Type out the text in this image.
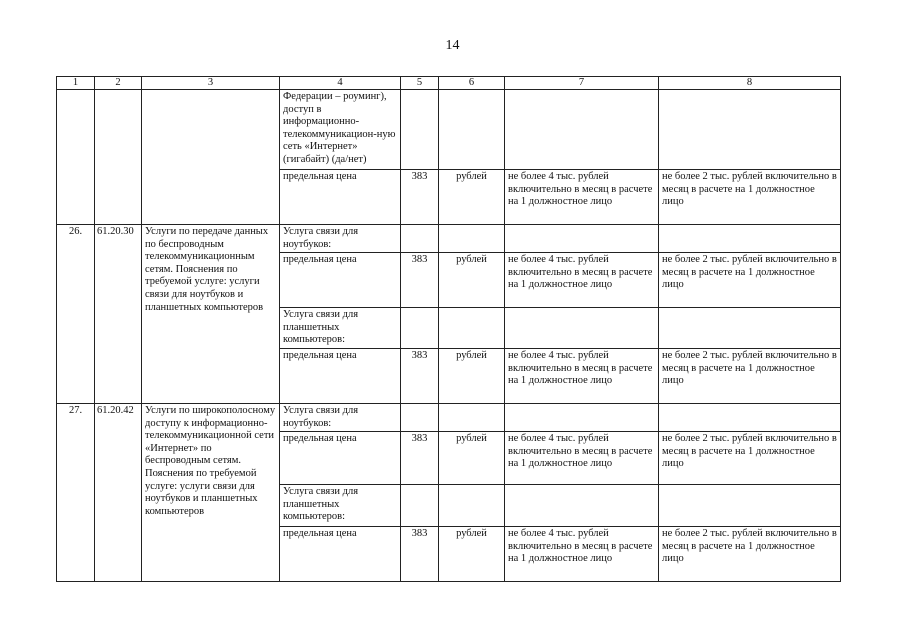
14
1	2	3	4	5	6	7	8
			Федерации – роуминг), доступ в информационно-телекоммуникацион-ную сеть «Интернет» (гигабайт) (да/нет)				
			предельная цена	383	рублей	не более 4 тыс. рублей включительно в месяц в расчете на 1 должностное лицо	не более 2 тыс. рублей включительно в месяц в расчете на 1 должностное лицо
26.	61.20.30	Услуги по передаче данных по беспроводным телекоммуникационным сетям. Пояснения по требуемой услуге: услуги связи для ноутбуков и планшетных компьютеров	Услуга связи для ноутбуков:				
			предельная цена	383	рублей	не более 4 тыс. рублей включительно в месяц в расчете на 1 должностное лицо	не более 2 тыс. рублей включительно в месяц в расчете на 1 должностное лицо
			Услуга связи для планшетных компьютеров:				
			предельная цена	383	рублей	не более 4 тыс. рублей включительно в месяц в расчете на 1 должностное лицо	не более 2 тыс. рублей включительно в месяц в расчете на 1 должностное лицо
27.	61.20.42	Услуги по широкополосному доступу к информационно-телекоммуникационной сети «Интернет» по беспроводным сетям. Пояснения по требуемой услуге: услуги связи для ноутбуков и планшетных компьютеров	Услуга связи для ноутбуков:				
			предельная цена	383	рублей	не более 4 тыс. рублей включительно в месяц в расчете на 1 должностное лицо	не более 2 тыс. рублей включительно в месяц в расчете на 1 должностное лицо
			Услуга связи для планшетных компьютеров:				
			предельная цена	383	рублей	не более 4 тыс. рублей включительно в месяц в расчете на 1 должностное лицо	не более 2 тыс. рублей включительно в месяц в расчете на 1 должностное лицо
